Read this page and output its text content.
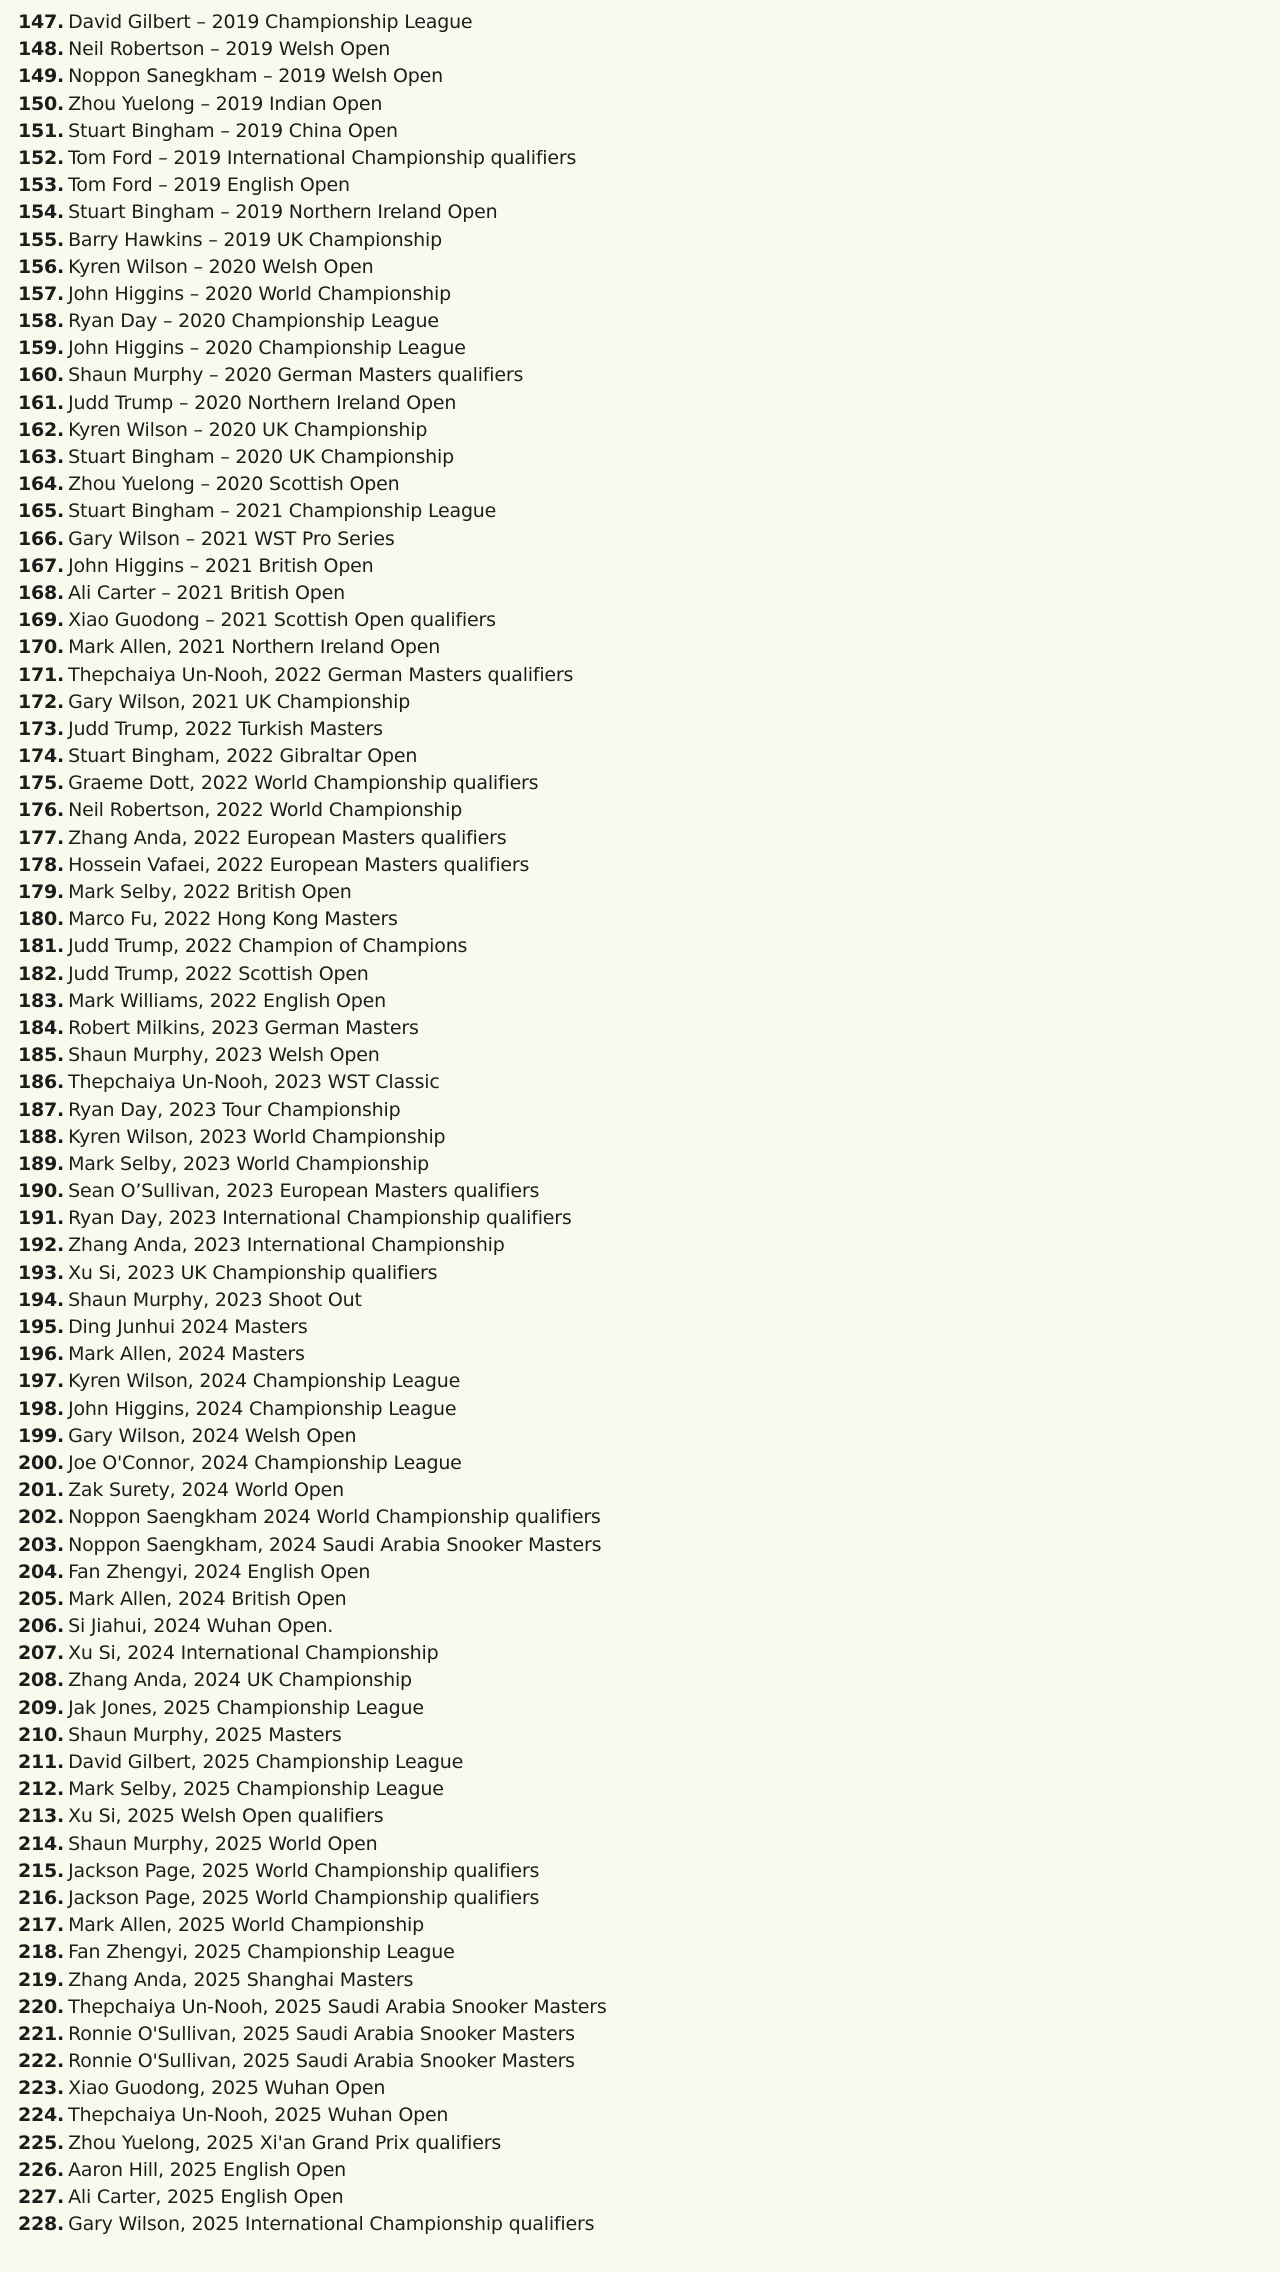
147. David Gilbert – 2019 Championship League
148. Neil Robertson – 2019 Welsh Open
149. Noppon Sanegkham – 2019 Welsh Open
150. Zhou Yuelong – 2019 Indian Open
151. Stuart Bingham – 2019 China Open
152. Tom Ford – 2019 International Championship qualifiers
153. Tom Ford – 2019 English Open
154. Stuart Bingham – 2019 Northern Ireland Open
155. Barry Hawkins – 2019 UK Championship
156. Kyren Wilson – 2020 Welsh Open
157. John Higgins – 2020 World Championship
158. Ryan Day – 2020 Championship League
159. John Higgins – 2020 Championship League
160. Shaun Murphy – 2020 German Masters qualifiers
161. Judd Trump – 2020 Northern Ireland Open
162. Kyren Wilson – 2020 UK Championship
163. Stuart Bingham – 2020 UK Championship
164. Zhou Yuelong – 2020 Scottish Open
165. Stuart Bingham – 2021 Championship League
166. Gary Wilson – 2021 WST Pro Series
167. John Higgins – 2021 British Open
168. Ali Carter – 2021 British Open
169. Xiao Guodong – 2021 Scottish Open qualifiers
170. Mark Allen, 2021 Northern Ireland Open
171. Thepchaiya Un-Nooh, 2022 German Masters qualifiers
172. Gary Wilson, 2021 UK Championship
173. Judd Trump, 2022 Turkish Masters
174. Stuart Bingham, 2022 Gibraltar Open
175. Graeme Dott, 2022 World Championship qualifiers
176. Neil Robertson, 2022 World Championship
177. Zhang Anda, 2022 European Masters qualifiers
178. Hossein Vafaei, 2022 European Masters qualifiers
179. Mark Selby, 2022 British Open
180. Marco Fu, 2022 Hong Kong Masters
181. Judd Trump, 2022 Champion of Champions
182. Judd Trump, 2022 Scottish Open
183. Mark Williams, 2022 English Open
184. Robert Milkins, 2023 German Masters
185. Shaun Murphy, 2023 Welsh Open
186. Thepchaiya Un-Nooh, 2023 WST Classic
187. Ryan Day, 2023 Tour Championship
188. Kyren Wilson, 2023 World Championship
189. Mark Selby, 2023 World Championship
190. Sean O’Sullivan, 2023 European Masters qualifiers
191. Ryan Day, 2023 International Championship qualifiers
192. Zhang Anda, 2023 International Championship
193. Xu Si, 2023 UK Championship qualifiers
194. Shaun Murphy, 2023 Shoot Out
195. Ding Junhui 2024 Masters
196. Mark Allen, 2024 Masters
197. Kyren Wilson, 2024 Championship League
198. John Higgins, 2024 Championship League
199. Gary Wilson, 2024 Welsh Open
200. Joe O'Connor, 2024 Championship League
201. Zak Surety, 2024 World Open
202. Noppon Saengkham 2024 World Championship qualifiers
203. Noppon Saengkham, 2024 Saudi Arabia Snooker Masters
204. Fan Zhengyi, 2024 English Open
205. Mark Allen, 2024 British Open
206. Si Jiahui, 2024 Wuhan Open.
207. Xu Si, 2024 International Championship
208. Zhang Anda, 2024 UK Championship
209. Jak Jones, 2025 Championship League
210. Shaun Murphy, 2025 Masters
211. David Gilbert, 2025 Championship League
212. Mark Selby, 2025 Championship League
213. Xu Si, 2025 Welsh Open qualifiers
214. Shaun Murphy, 2025 World Open
215. Jackson Page, 2025 World Championship qualifiers
216. Jackson Page, 2025 World Championship qualifiers
217. Mark Allen, 2025 World Championship
218. Fan Zhengyi, 2025 Championship League
219. Zhang Anda, 2025 Shanghai Masters
220. Thepchaiya Un-Nooh, 2025 Saudi Arabia Snooker Masters
221. Ronnie O'Sullivan, 2025 Saudi Arabia Snooker Masters
222. Ronnie O'Sullivan, 2025 Saudi Arabia Snooker Masters
223. Xiao Guodong, 2025 Wuhan Open
224. Thepchaiya Un-Nooh, 2025 Wuhan Open
225. Zhou Yuelong, 2025 Xi'an Grand Prix qualifiers
226. Aaron Hill, 2025 English Open
227. Ali Carter, 2025 English Open
228. Gary Wilson, 2025 International Championship qualifiers
